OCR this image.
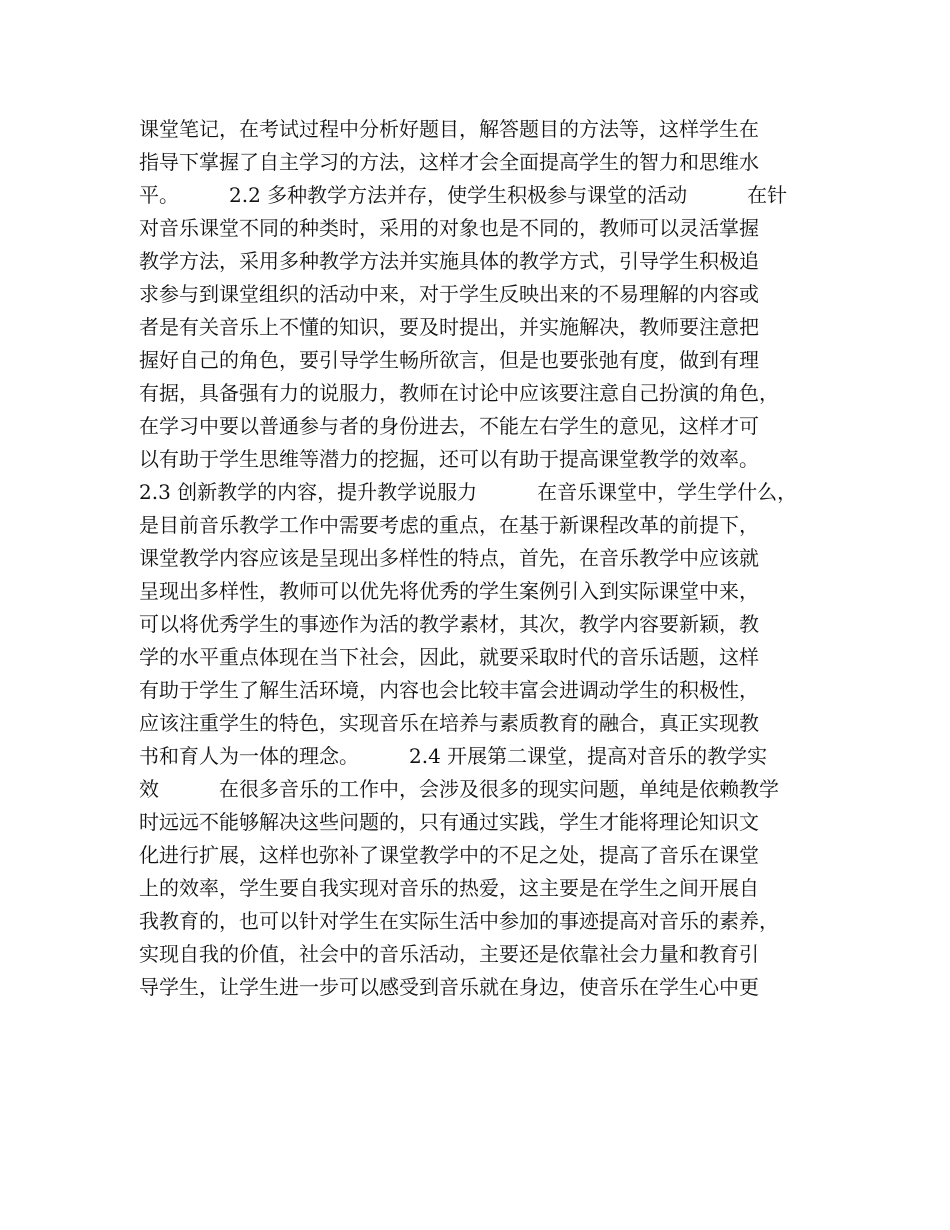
课堂笔记，在考试过程中分析好题目，解答题目的方法等，这样学生在
指导下掌握了自主学习的方法，这样才会全面提高学生的智力和思维水
平。　　　2.2 多种教学方法并存，使学生积极参与课堂的活动　　　在针
对音乐课堂不同的种类时，采用的对象也是不同的，教师可以灵活掌握
教学方法，采用多种教学方法并实施具体的教学方式，引导学生积极追
求参与到课堂组织的活动中来，对于学生反映出来的不易理解的内容或
者是有关音乐上不懂的知识，要及时提出，并实施解决，教师要注意把
握好自己的角色，要引导学生畅所欲言，但是也要张弛有度，做到有理
有据，具备强有力的说服力，教师在讨论中应该要注意自己扮演的角色，
在学习中要以普通参与者的身份进去，不能左右学生的意见，这样才可
以有助于学生思维等潜力的挖掘，还可以有助于提高课堂教学的效率。
2.3 创新教学的内容，提升教学说服力　　　在音乐课堂中，学生学什么，
是目前音乐教学工作中需要考虑的重点，在基于新课程改革的前提下，
课堂教学内容应该是呈现出多样性的特点，首先，在音乐教学中应该就
呈现出多样性，教师可以优先将优秀的学生案例引入到实际课堂中来，
可以将优秀学生的事迹作为活的教学素材，其次，教学内容要新颖，教
学的水平重点体现在当下社会，因此，就要采取时代的音乐话题，这样
有助于学生了解生活环境，内容也会比较丰富会进调动学生的积极性，
应该注重学生的特色，实现音乐在培养与素质教育的融合，真正实现教
书和育人为一体的理念。　　　2.4 开展第二课堂，提高对音乐的教学实
效　　　在很多音乐的工作中，会涉及很多的现实问题，单纯是依赖教学
时远远不能够解决这些问题的，只有通过实践，学生才能将理论知识文
化进行扩展，这样也弥补了课堂教学中的不足之处，提高了音乐在课堂
上的效率，学生要自我实现对音乐的热爱，这主要是在学生之间开展自
我教育的，也可以针对学生在实际生活中参加的事迹提高对音乐的素养，
实现自我的价值，社会中的音乐活动，主要还是依靠社会力量和教育引
导学生，让学生进一步可以感受到音乐就在身边，使音乐在学生心中更
